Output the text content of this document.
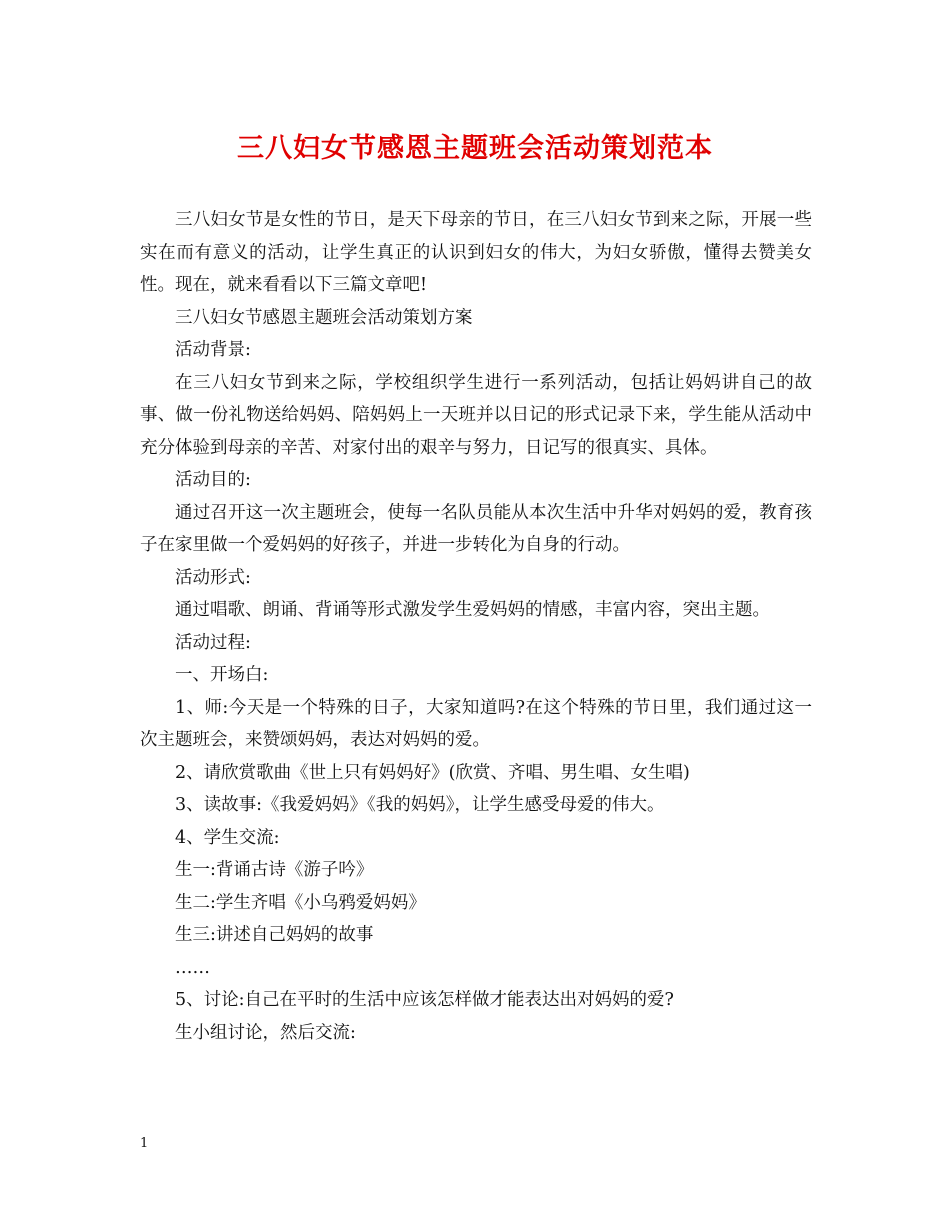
三八妇女节感恩主题班会活动策划范本

三八妇女节是女性的节日，是天下母亲的节日，在三八妇女节到来之际，开展一些实在而有意义的活动，让学生真正的认识到妇女的伟大，为妇女骄傲，懂得去赞美女性。现在，就来看看以下三篇文章吧!

三八妇女节感恩主题班会活动策划方案

活动背景:

在三八妇女节到来之际，学校组织学生进行一系列活动，包括让妈妈讲自己的故事、做一份礼物送给妈妈、陪妈妈上一天班并以日记的形式记录下来，学生能从活动中充分体验到母亲的辛苦、对家付出的艰辛与努力，日记写的很真实、具体。

活动目的:

通过召开这一次主题班会，使每一名队员能从本次生活中升华对妈妈的爱，教育孩子在家里做一个爱妈妈的好孩子，并进一步转化为自身的行动。

活动形式:

通过唱歌、朗诵、背诵等形式激发学生爱妈妈的情感，丰富内容，突出主题。

活动过程:

一、开场白:

1、师:今天是一个特殊的日子，大家知道吗?在这个特殊的节日里，我们通过这一次主题班会，来赞颂妈妈，表达对妈妈的爱。

2、请欣赏歌曲《世上只有妈妈好》(欣赏、齐唱、男生唱、女生唱)

3、读故事:《我爱妈妈》《我的妈妈》，让学生感受母爱的伟大。

4、学生交流:

生一:背诵古诗《游子吟》

生二:学生齐唱《小乌鸦爱妈妈》

生三:讲述自己妈妈的故事

……

5、讨论:自己在平时的生活中应该怎样做才能表达出对妈妈的爱?

生小组讨论，然后交流:

1
